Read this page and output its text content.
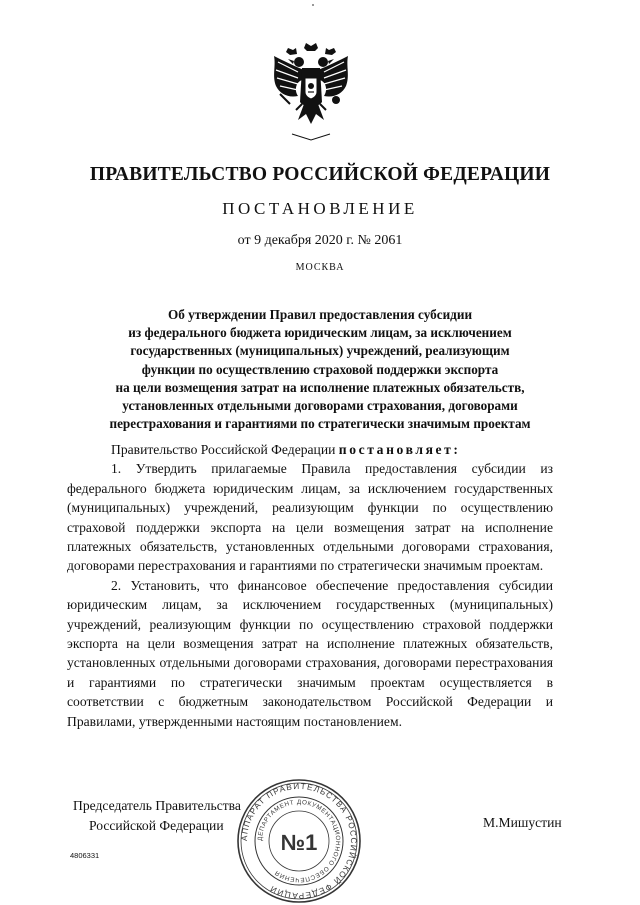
ПРАВИТЕЛЬСТВО РОССИЙСКОЙ ФЕДЕРАЦИИ
ПОСТАНОВЛЕНИЕ
от 9 декабря 2020 г. № 2061
МОСКВА
Об утверждении Правил предоставления субсидии
из федерального бюджета юридическим лицам, за исключением
государственных (муниципальных) учреждений, реализующим
функции по осуществлению страховой поддержки экспорта
на цели возмещения затрат на исполнение платежных обязательств,
установленных отдельными договорами страхования, договорами
перестрахования и гарантиями по стратегически значимым проектам

Правительство Российской Федерации постановляет:

1. Утвердить прилагаемые Правила предоставления субсидии из федерального бюджета юридическим лицам, за исключением государственных (муниципальных) учреждений, реализующим функции по осуществлению страховой поддержки экспорта на цели возмещения затрат на исполнение платежных обязательств, установленных отдельными договорами страхования, договорами перестрахования и гарантиями по стратегически значимым проектам.

2. Установить, что финансовое обеспечение предоставления субсидии юридическим лицам, за исключением государственных (муниципальных) учреждений, реализующим функции по осуществлению страховой поддержки экспорта на цели возмещения затрат на исполнение платежных обязательств, установленных отдельными договорами страхования, договорами перестрахования и гарантиями по стратегически значимым проектам осуществляется в соответствии с бюджетным законодательством Российской Федерации и Правилами, утвержденными настоящим постановлением.

Председатель Правительства
Российской Федерации	М.Мишустин
4806331
АППАРАТ ПРАВИТЕЛЬСТВА РОССИЙСКОЙ ФЕДЕРАЦИИ
ДЕПАРТАМЕНТ ДОКУМЕНТАЦИОННОГО ОБЕСПЕЧЕНИЯ
№1
